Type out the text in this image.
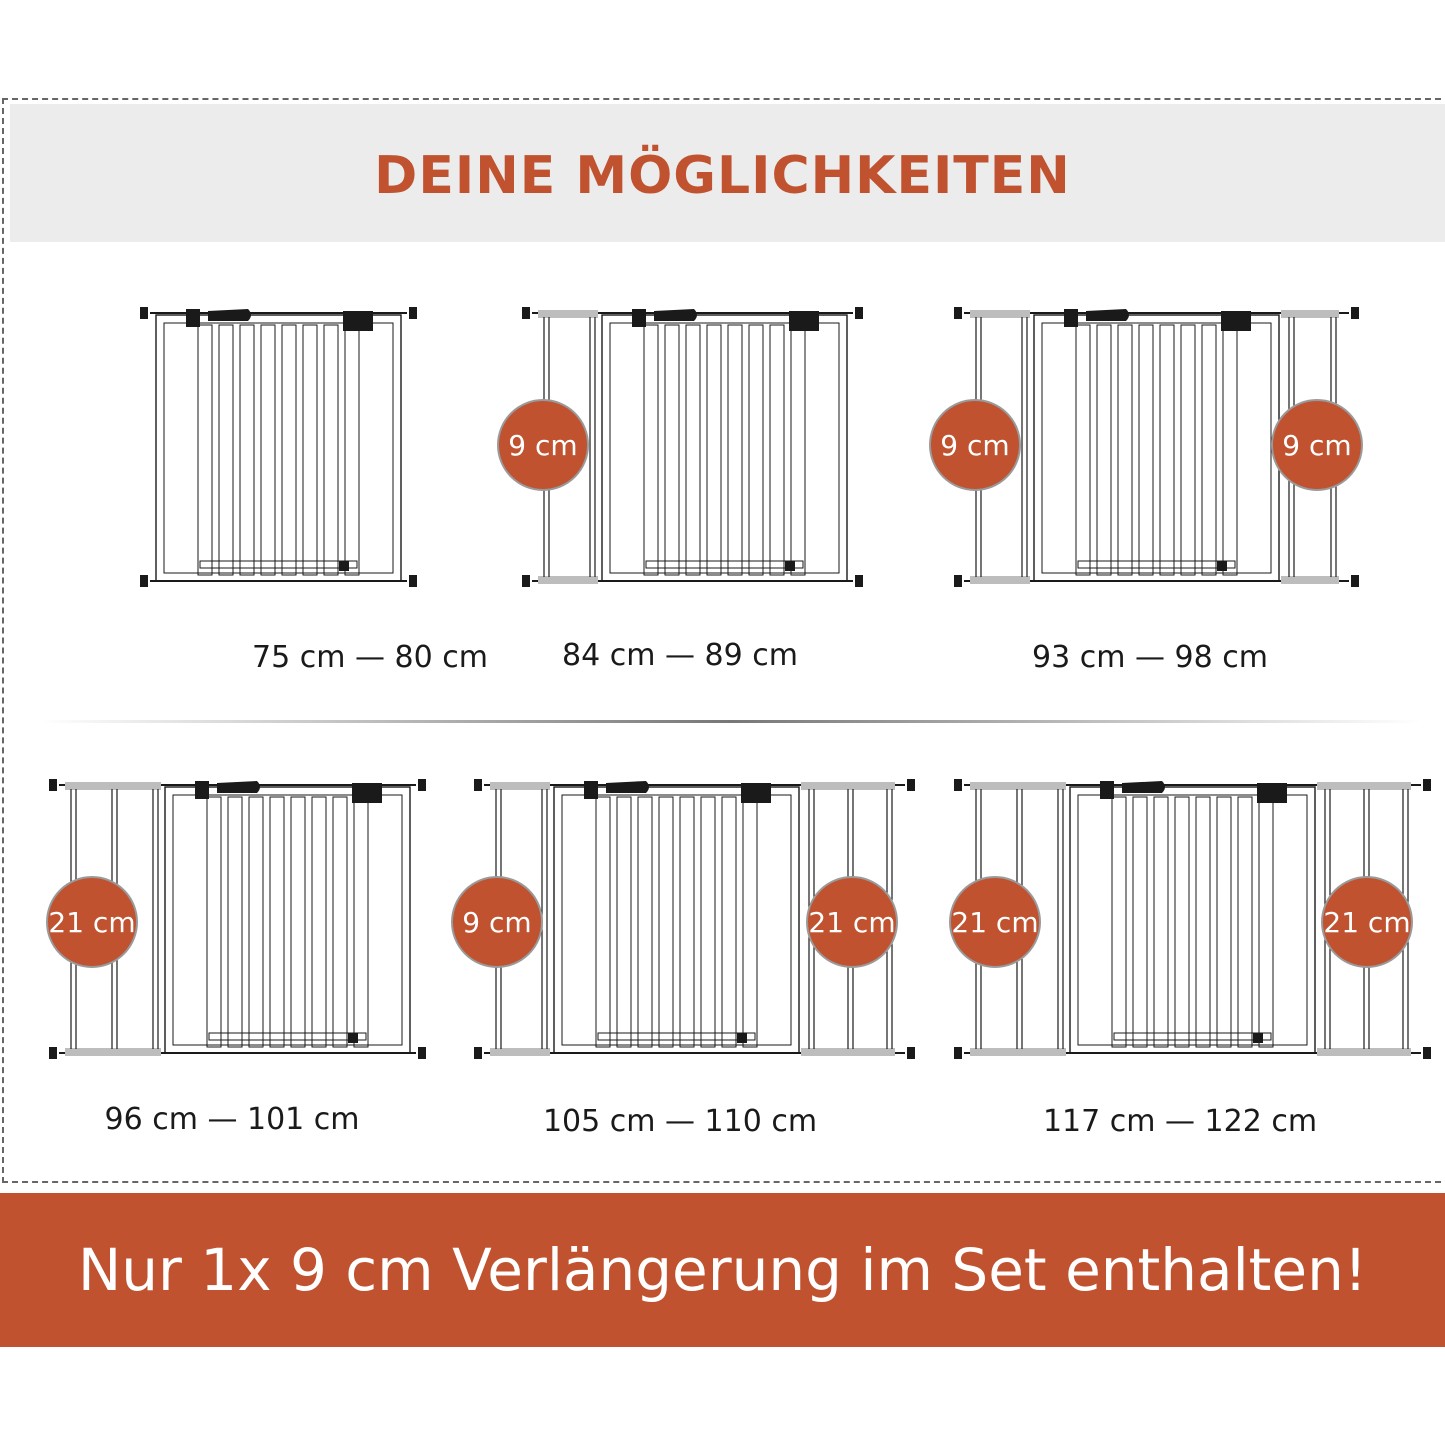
DEINE MÖGLICHKEITEN
75 cm — 80 cm	84 cm — 89 cm
9 cm
93 cm — 98 cm
9 cm	9 cm
96 cm — 101 cm
21 cm
105 cm — 110 cm
9 cm	21 cm
117 cm — 122 cm
21 cm	21 cm
Nur 1x 9 cm Verlängerung im Set enthalten!
